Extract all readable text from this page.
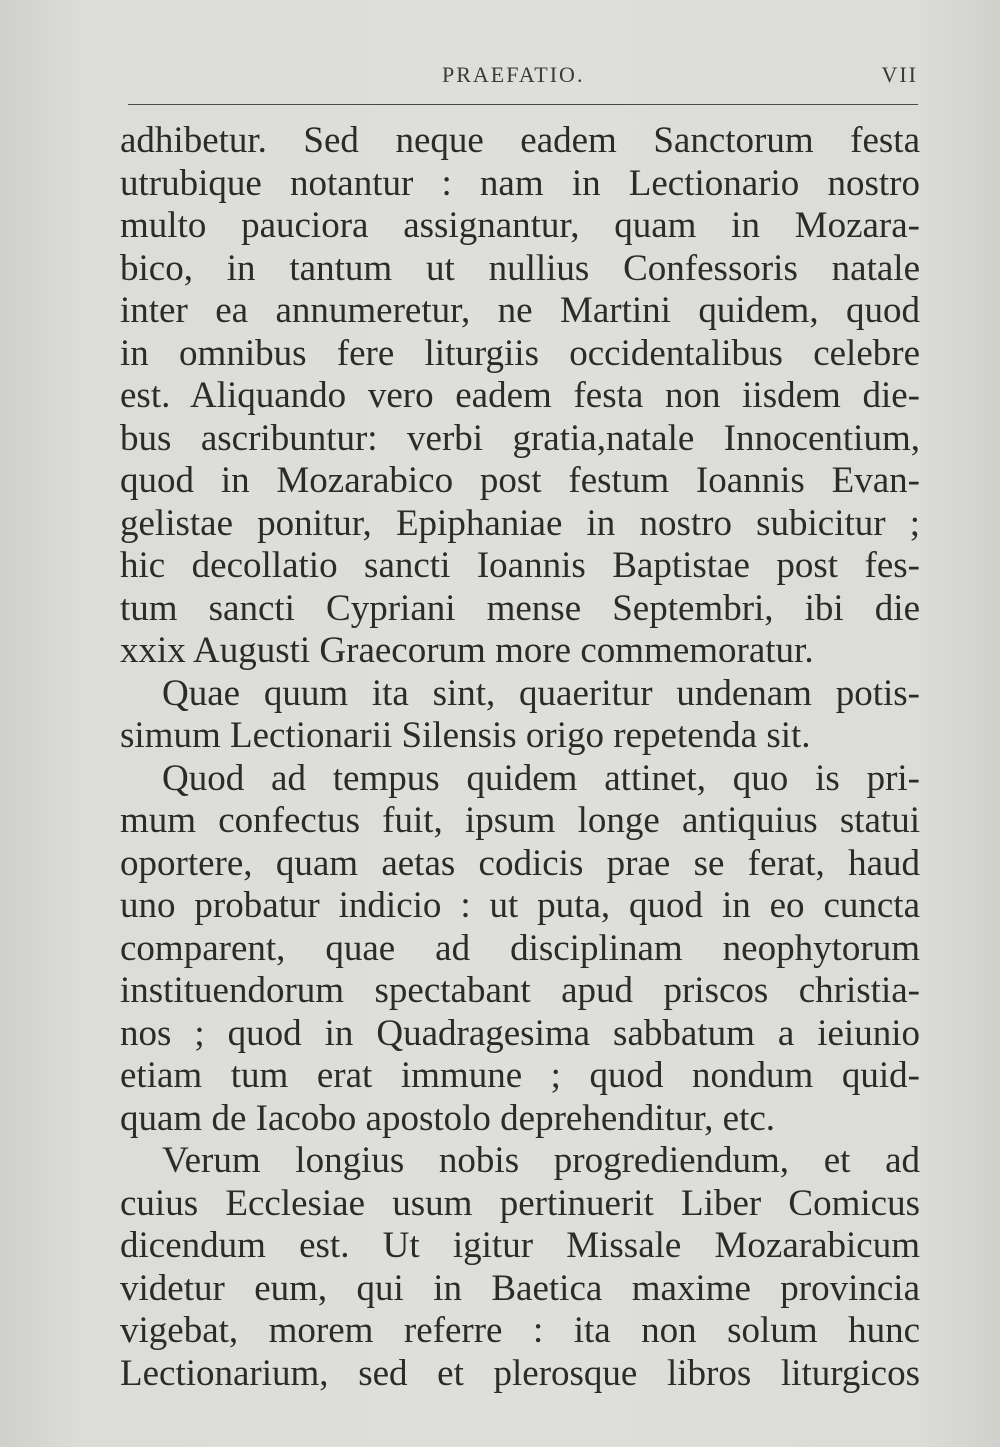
PRAEFATIO.	VII
adhibetur. Sed neque eadem Sanctorum festa
utrubique notantur : nam in Lectionario nostro
multo pauciora assignantur, quam in Mozara-
bico, in tantum ut nullius Confessoris natale
inter ea annumeretur, ne Martini quidem, quod
in omnibus fere liturgiis occidentalibus celebre
est. Aliquando vero eadem festa non iisdem die-
bus ascribuntur: verbi gratia,natale Innocentium,
quod in Mozarabico post festum Ioannis Evan-
gelistae ponitur, Epiphaniae in nostro subicitur ;
hic decollatio sancti Ioannis Baptistae post fes-
tum sancti Cypriani mense Septembri, ibi die
xxix Augusti Graecorum more commemoratur.
Quae quum ita sint, quaeritur undenam potis-
simum Lectionarii Silensis origo repetenda sit.
Quod ad tempus quidem attinet, quo is pri-
mum confectus fuit, ipsum longe antiquius statui
oportere, quam aetas codicis prae se ferat, haud
uno probatur indicio : ut puta, quod in eo cuncta
comparent, quae ad disciplinam neophytorum
instituendorum spectabant apud priscos christia-
nos ; quod in Quadragesima sabbatum a ieiunio
etiam tum erat immune ; quod nondum quid-
quam de Iacobo apostolo deprehenditur, etc.
Verum longius nobis progrediendum, et ad
cuius Ecclesiae usum pertinuerit Liber Comicus
dicendum est. Ut igitur Missale Mozarabicum
videtur eum, qui in Baetica maxime provincia
vigebat, morem referre : ita non solum hunc
Lectionarium, sed et plerosque libros liturgicos
